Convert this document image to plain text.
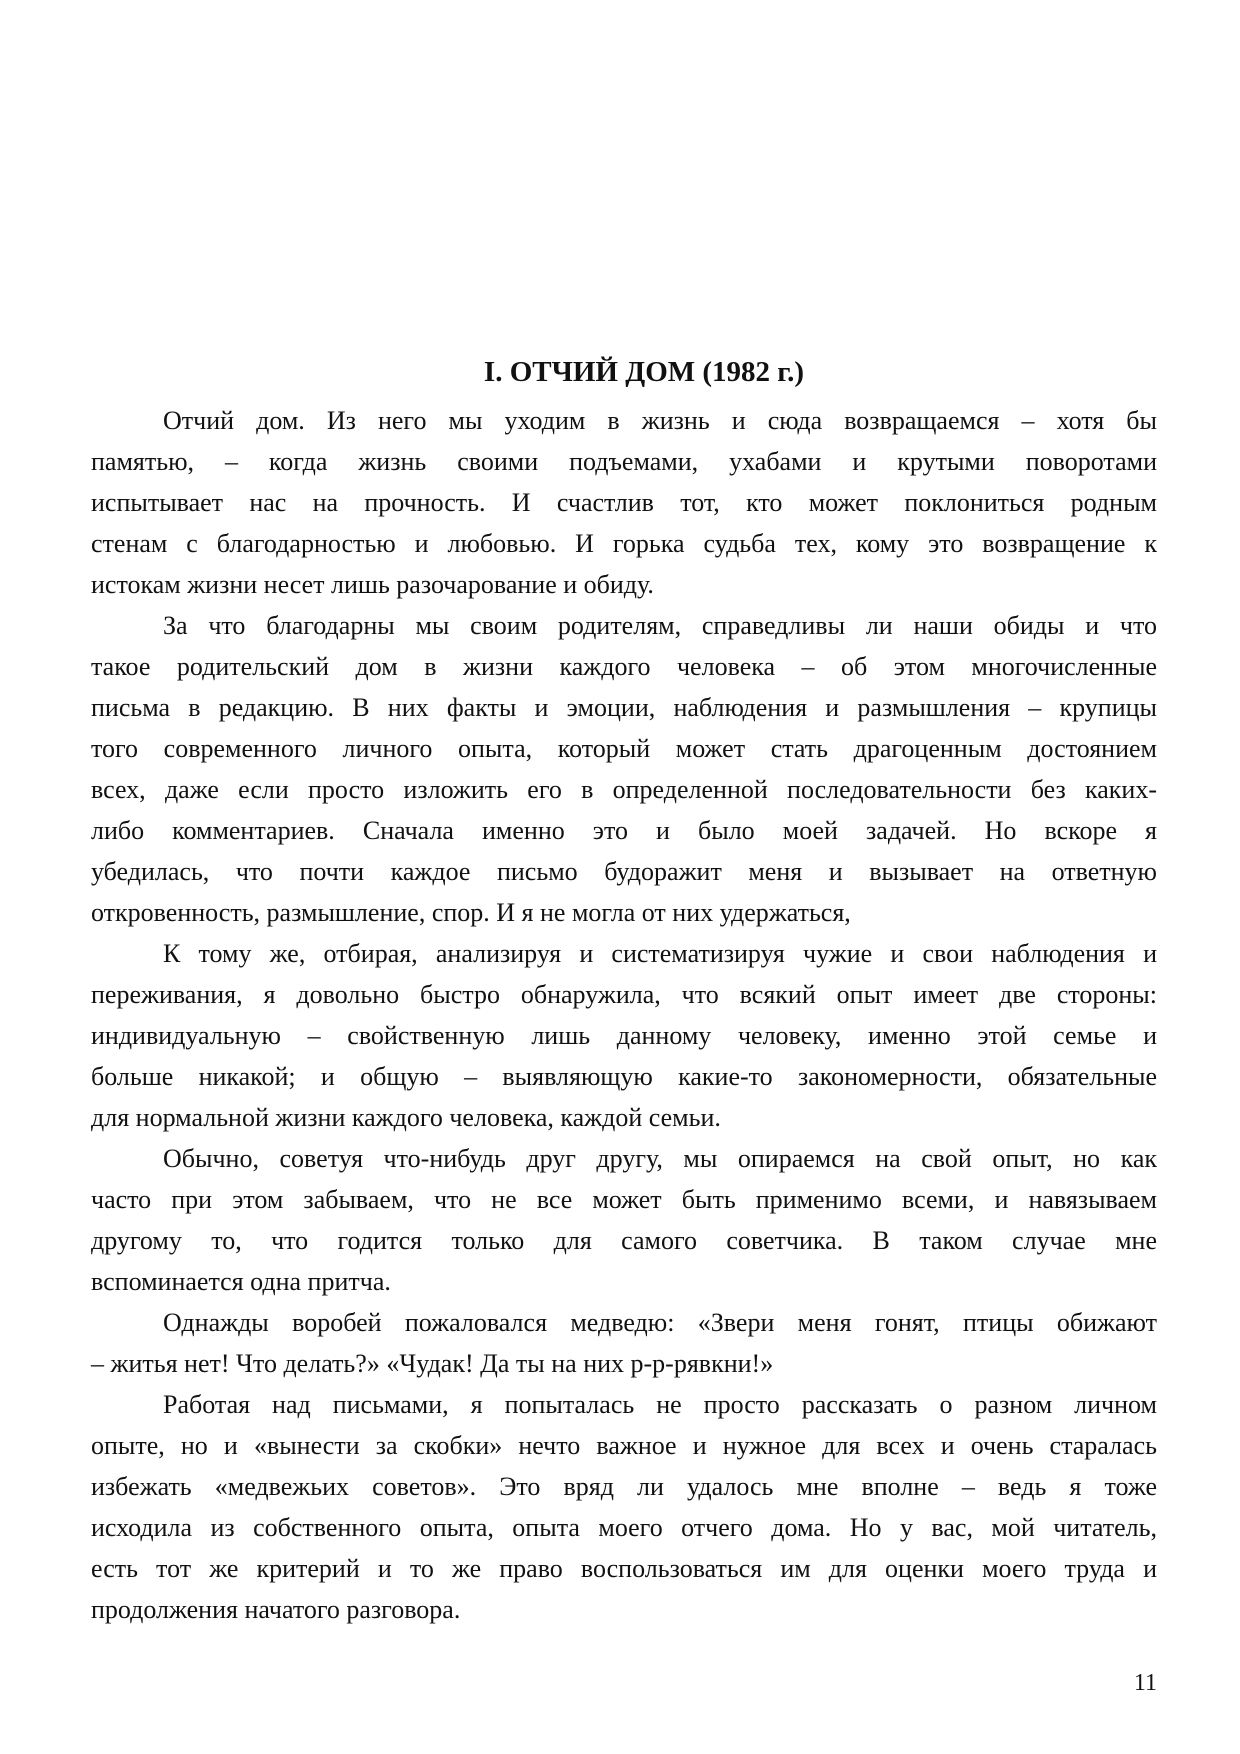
I. ОТЧИЙ ДОМ (1982 г.)
Отчий дом. Из него мы уходим в жизнь и сюда возвращаемся – хотя бы
памятью, – когда жизнь своими подъемами, ухабами и крутыми поворотами
испытывает нас на прочность. И счастлив тот, кто может поклониться родным
стенам с благодарностью и любовью. И горька судьба тех, кому это возвращение к
истокам жизни несет лишь разочарование и обиду.
За что благодарны мы своим родителям, справедливы ли наши обиды и что
такое родительский дом в жизни каждого человека – об этом многочисленные
письма в редакцию. В них факты и эмоции, наблюдения и размышления – крупицы
того современного личного опыта, который может стать драгоценным достоянием
всех, даже если просто изложить его в определенной последовательности без каких-
либо комментариев. Сначала именно это и было моей задачей. Но вскоре я
убедилась, что почти каждое письмо будоражит меня и вызывает на ответную
откровенность, размышление, спор. И я не могла от них удержаться,
К тому же, отбирая, анализируя и систематизируя чужие и свои наблюдения и
переживания, я довольно быстро обнаружила, что всякий опыт имеет две стороны:
индивидуальную – свойственную лишь данному человеку, именно этой семье и
больше никакой; и общую – выявляющую какие-то закономерности, обязательные
для нормальной жизни каждого человека, каждой семьи.
Обычно, советуя что-нибудь друг другу, мы опираемся на свой опыт, но как
часто при этом забываем, что не все может быть применимо всеми, и навязываем
другому то, что годится только для самого советчика. В таком случае мне
вспоминается одна притча.
Однажды воробей пожаловался медведю: «Звери меня гонят, птицы обижают
– житья нет! Что делать?» «Чудак! Да ты на них р-р-рявкни!»
Работая над письмами, я попыталась не просто рассказать о разном личном
опыте, но и «вынести за скобки» нечто важное и нужное для всех и очень старалась
избежать «медвежьих советов». Это вряд ли удалось мне вполне – ведь я тоже
исходила из собственного опыта, опыта моего отчего дома. Но у вас, мой читатель,
есть тот же критерий и то же право воспользоваться им для оценки моего труда и
продолжения начатого разговора.
11
